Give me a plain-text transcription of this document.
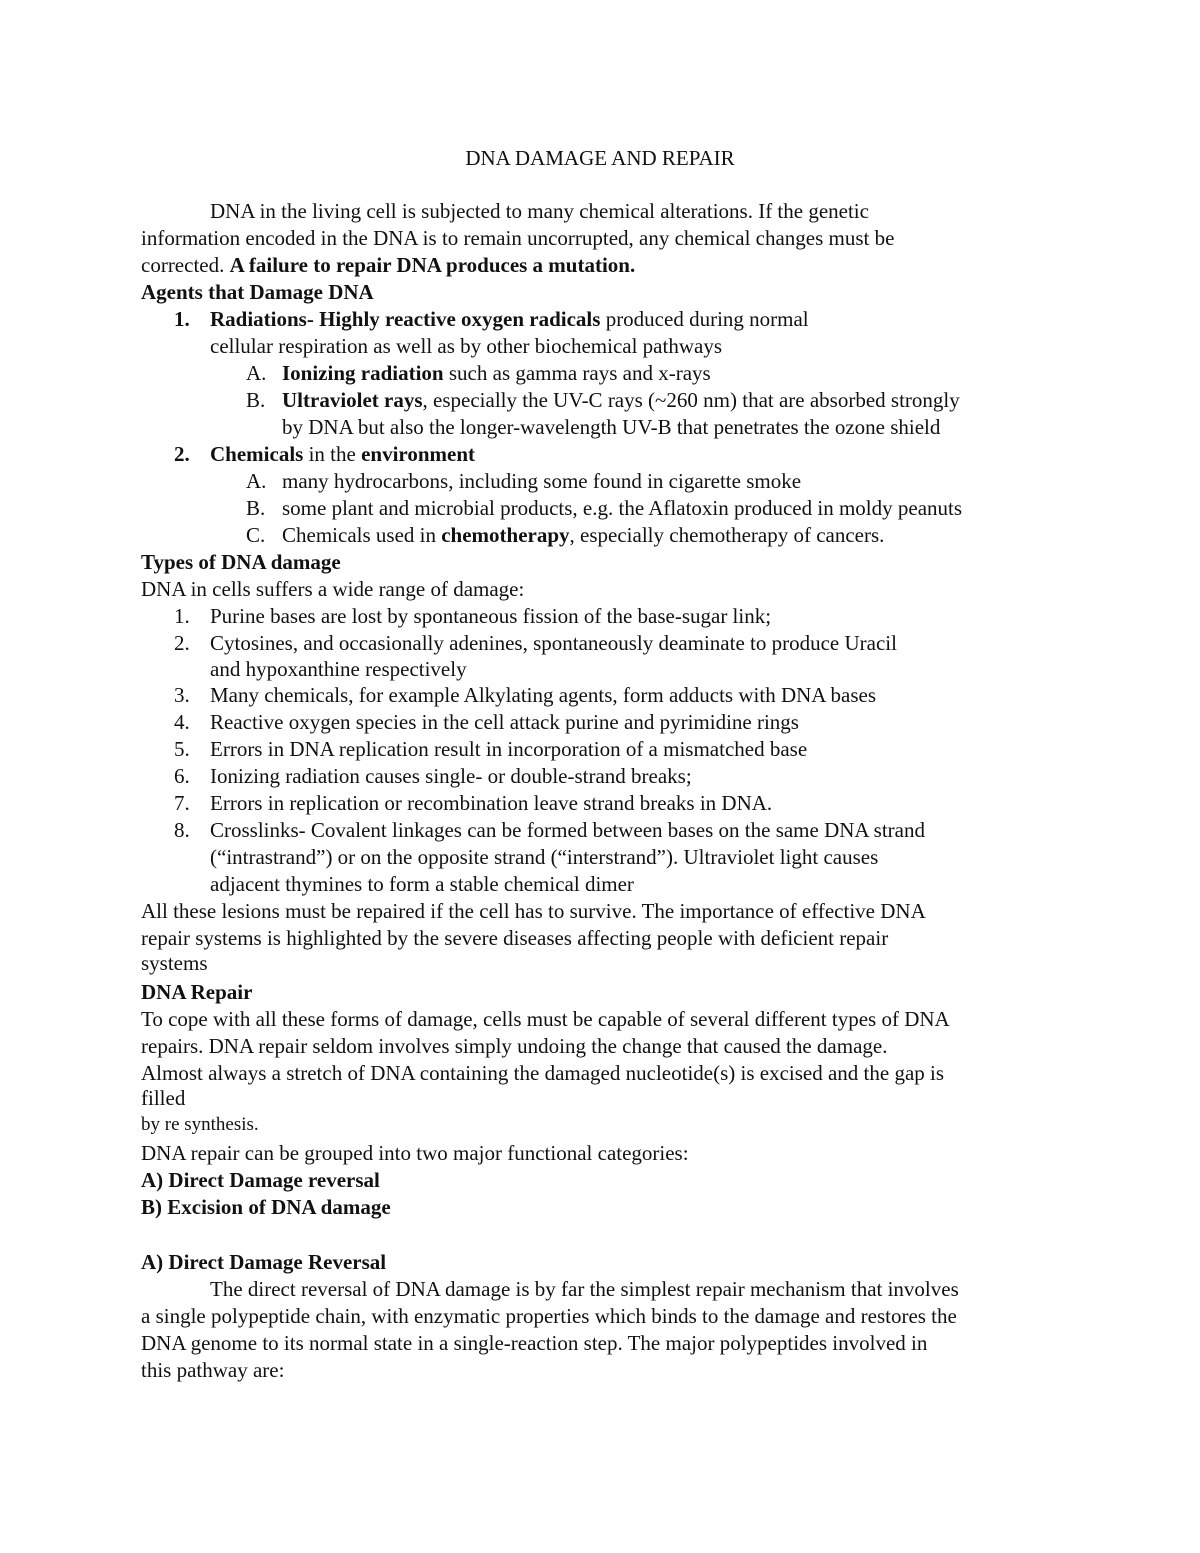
DNA DAMAGE AND REPAIR
DNA in the living cell is subjected to many chemical alterations. If the genetic
information encoded in the DNA is to remain uncorrupted, any chemical changes must be
corrected. A failure to repair DNA produces a mutation.
Agents that Damage DNA
1. Radiations- Highly reactive oxygen radicals produced during normal
cellular respiration as well as by other biochemical pathways
A. Ionizing radiation such as gamma rays and x-rays
B. Ultraviolet rays, especially the UV-C rays (~260 nm) that are absorbed strongly
by DNA but also the longer-wavelength UV-B that penetrates the ozone shield
2. Chemicals in the environment
A. many hydrocarbons, including some found in cigarette smoke
B. some plant and microbial products, e.g. the Aflatoxin produced in moldy peanuts
C. Chemicals used in chemotherapy, especially chemotherapy of cancers.
Types of DNA damage
DNA in cells suffers a wide range of damage:
1. Purine bases are lost by spontaneous fission of the base-sugar link;
2. Cytosines, and occasionally adenines, spontaneously deaminate to produce Uracil
and hypoxanthine respectively
3. Many chemicals, for example Alkylating agents, form adducts with DNA bases
4. Reactive oxygen species in the cell attack purine and pyrimidine rings
5. Errors in DNA replication result in incorporation of a mismatched base
6. Ionizing radiation causes single- or double-strand breaks;
7. Errors in replication or recombination leave strand breaks in DNA.
8. Crosslinks- Covalent linkages can be formed between bases on the same DNA strand
(“intrastrand”) or on the opposite strand (“interstrand”). Ultraviolet light causes
adjacent thymines to form a stable chemical dimer
All these lesions must be repaired if the cell has to survive. The importance of effective DNA
repair systems is highlighted by the severe diseases affecting people with deficient repair
systems
DNA Repair
To cope with all these forms of damage, cells must be capable of several different types of DNA
repairs. DNA repair seldom involves simply undoing the change that caused the damage.
Almost always a stretch of DNA containing the damaged nucleotide(s) is excised and the gap is
filled
by re synthesis.
DNA repair can be grouped into two major functional categories:
A) Direct Damage reversal
B) Excision of DNA damage
A) Direct Damage Reversal
The direct reversal of DNA damage is by far the simplest repair mechanism that involves
a single polypeptide chain, with enzymatic properties which binds to the damage and restores the
DNA genome to its normal state in a single-reaction step. The major polypeptides involved in
this pathway are:
